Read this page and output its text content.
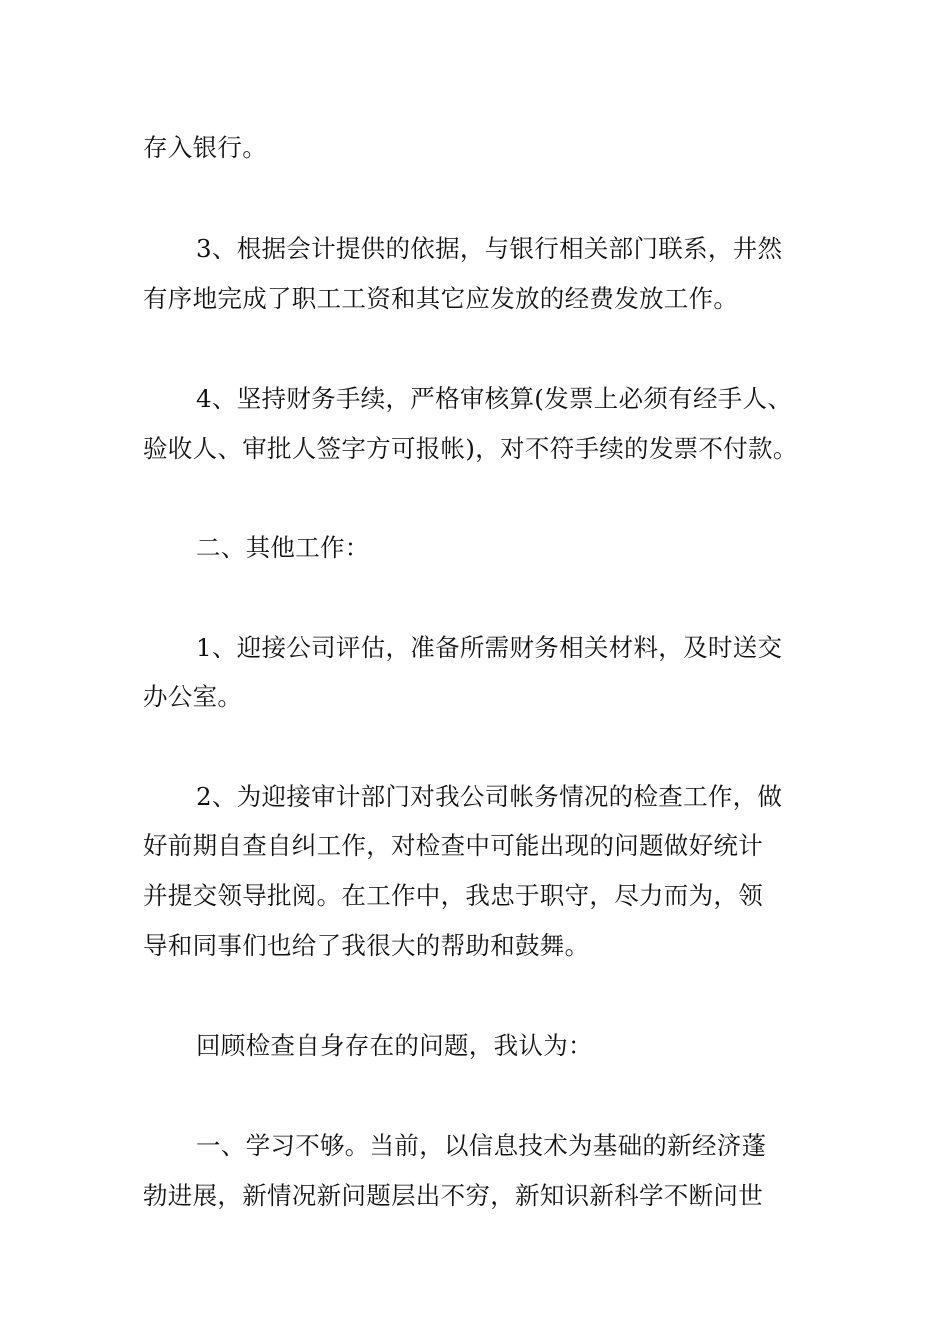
存入银行。
3、根据会计提供的依据，与银行相关部门联系，井然
有序地完成了职工工资和其它应发放的经费发放工作。
4、坚持财务手续，严格审核算(发票上必须有经手人、
验收人、审批人签字方可报帐)，对不符手续的发票不付款。
二、其他工作：
1、迎接公司评估，准备所需财务相关材料，及时送交
办公室。
2、为迎接审计部门对我公司帐务情况的检查工作，做
好前期自查自纠工作，对检查中可能出现的问题做好统计
并提交领导批阅。在工作中，我忠于职守，尽力而为，领
导和同事们也给了我很大的帮助和鼓舞。
回顾检查自身存在的问题，我认为：
一、学习不够。当前，以信息技术为基础的新经济蓬
勃进展，新情况新问题层出不穷，新知识新科学不断问世
